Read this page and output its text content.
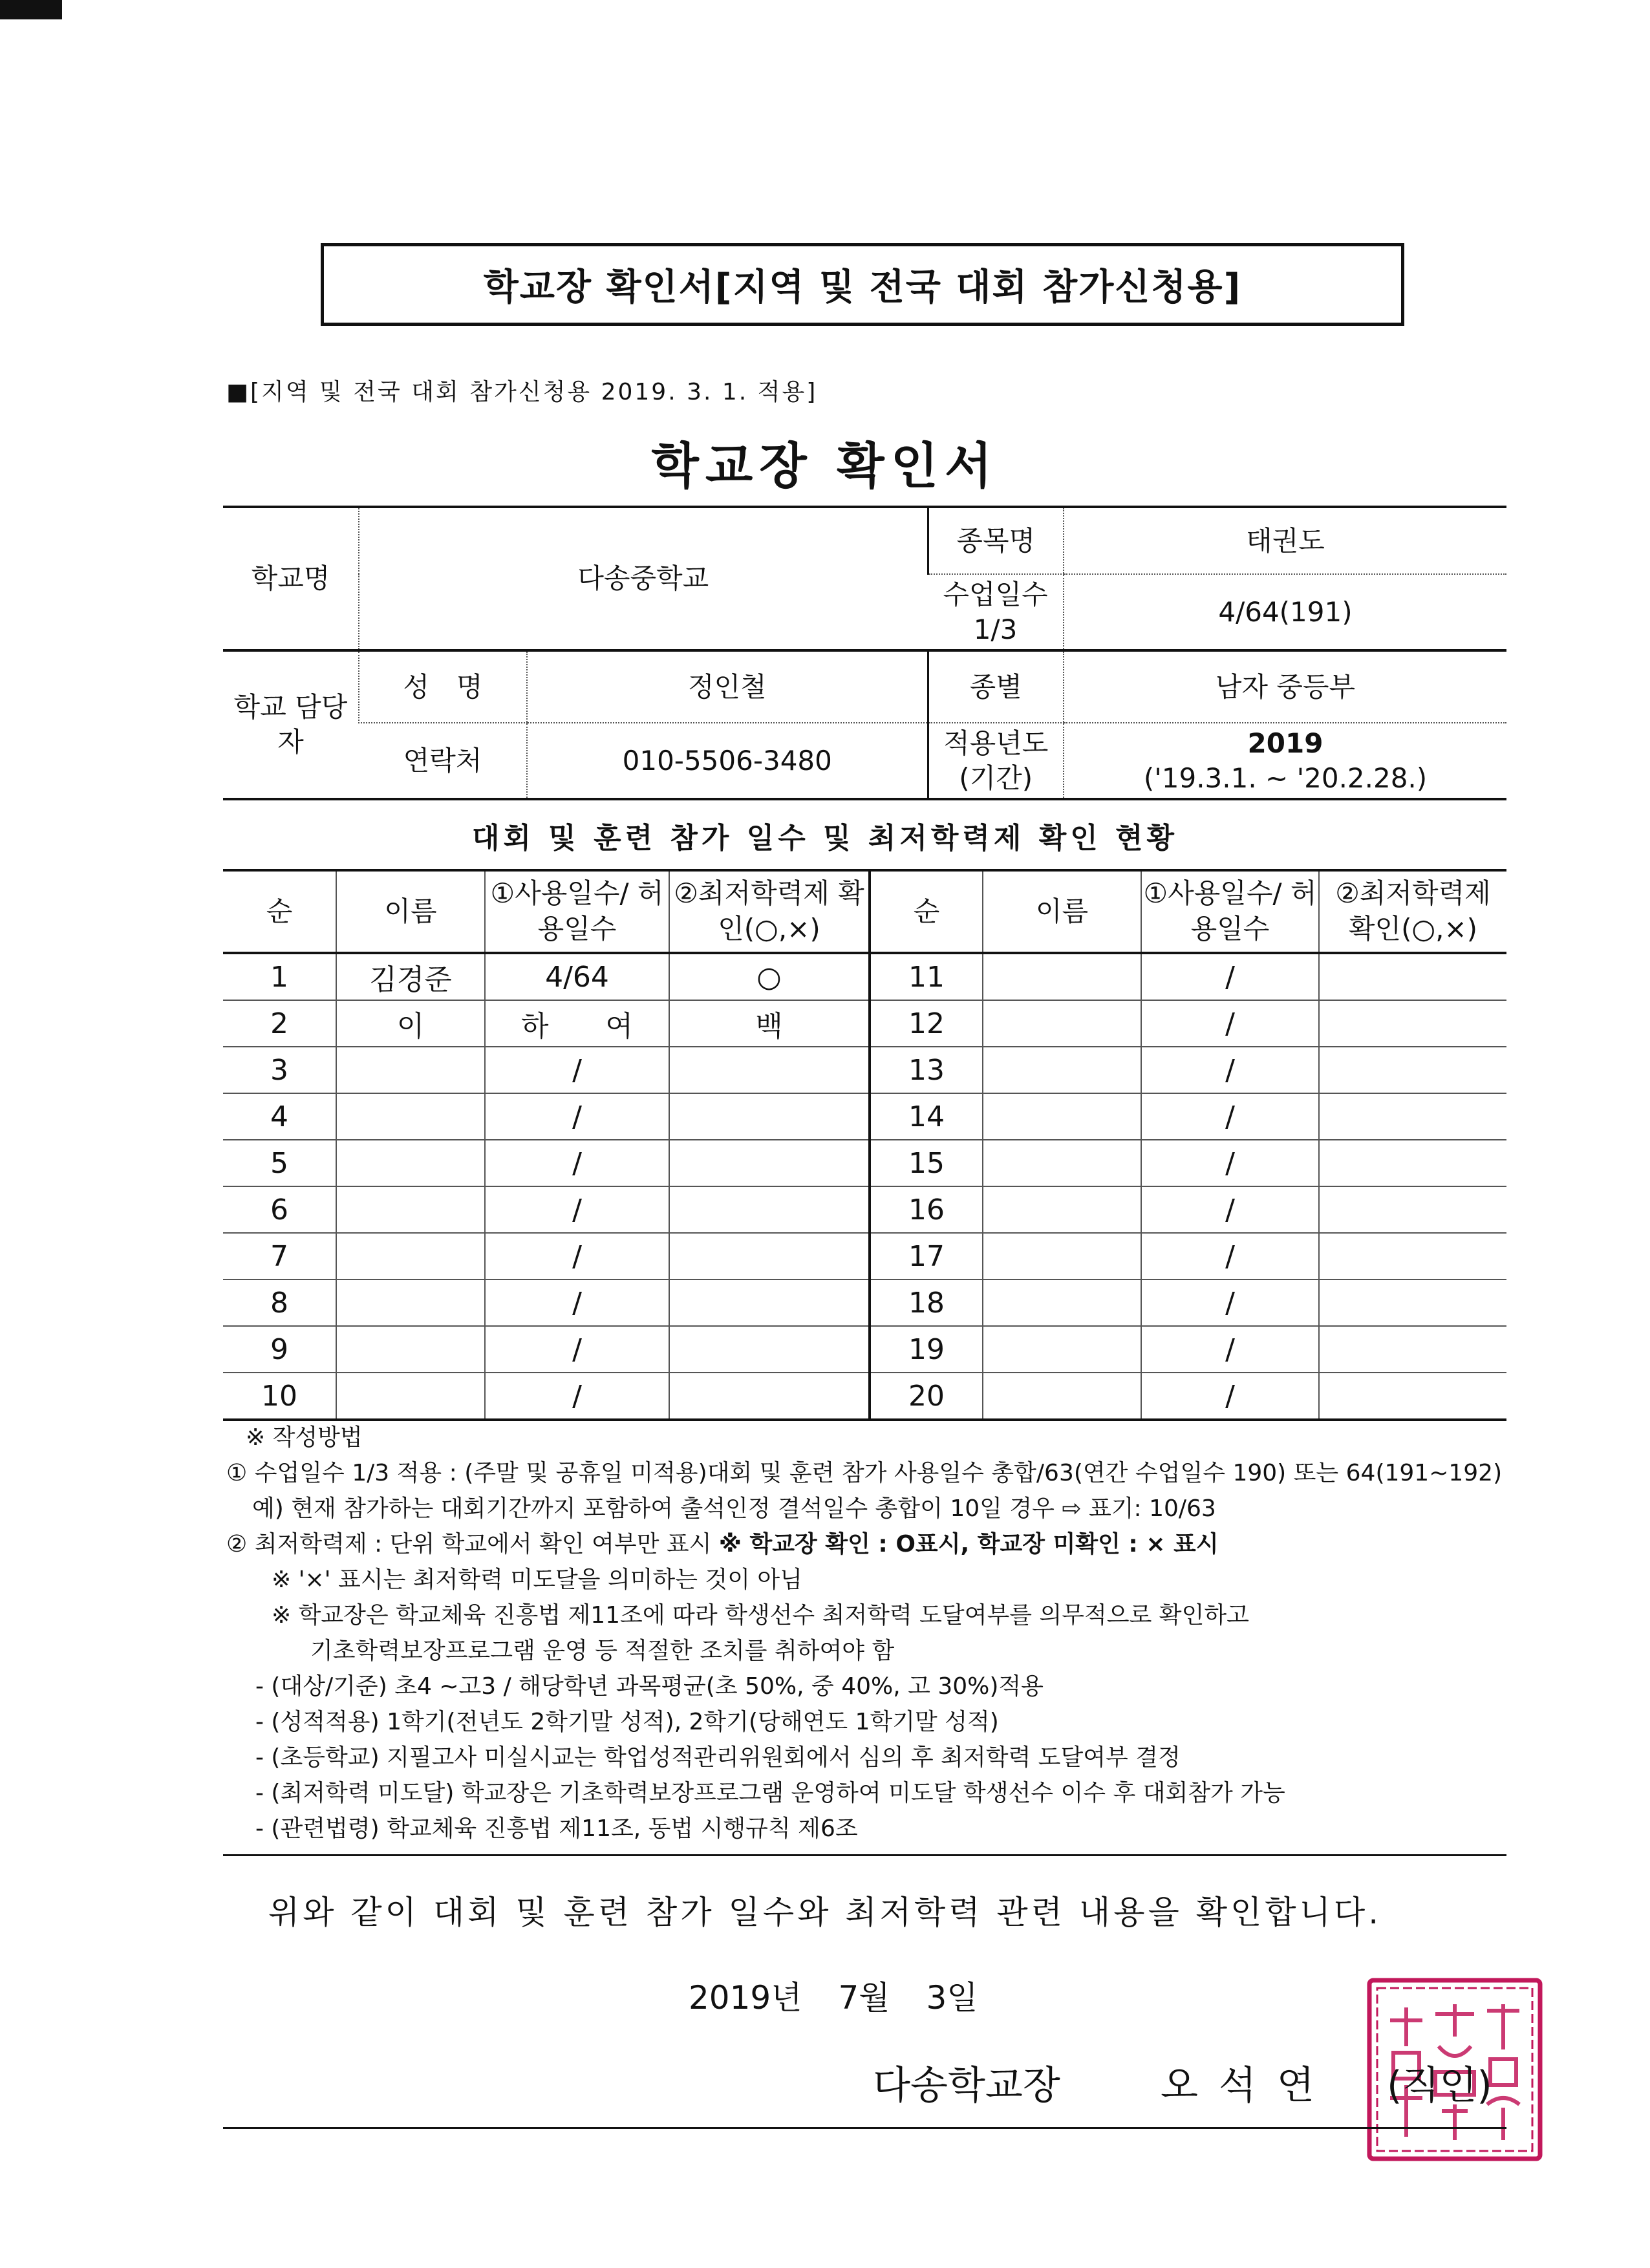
학교장 확인서[지역 및 전국 대회 참가신청용]
■[지역 및 전국 대회 참가신청용 2019. 3. 1. 적용]
학교장 확인서
학교명	다송중학교		종목명	태권도
			수업일수 1/3	4/64(191)
학교 담당자	성　명	정인철	종별	남자 중등부
	연락처	010-5506-3480	적용년도 (기간)	2019
('19.3.1. ~ '20.2.28.)
대회 및 훈련 참가 일수 및 최저학력제 확인 현황
순	이름	①사용일수/ 허용일수	②최저학력제 확인(○,×)	순	이름	①사용일수/ 허용일수	②최저학력제 확인(○,×)
1	김경준	4/64	○	11		/	
2	이	하　　여	백	12		/	
3		/		13		/	
4		/		14		/	
5		/		15		/	
6		/		16		/	
7		/		17		/	
8		/		18		/	
9		/		19		/	
10		/		20		/	
※ 작성방법
① 수업일수 1/3 적용 : (주말 및 공휴일 미적용)대회 및 훈련 참가 사용일수 총합/63(연간 수업일수 190) 또는 64(191~192)
예) 현재 참가하는 대회기간까지 포함하여 출석인정 결석일수 총합이 10일 경우 ⇨ 표기: 10/63
② 최저학력제 : 단위 학교에서 확인 여부만 표시 ※ 학교장 확인 : O표시, 학교장 미확인 : × 표시
※ '×' 표시는 최저학력 미도달을 의미하는 것이 아님
※ 학교장은 학교체육 진흥법 제11조에 따라 학생선수 최저학력 도달여부를 의무적으로 확인하고
기초학력보장프로그램 운영 등 적절한 조치를 취하여야 함
- (대상/기준) 초4 ~고3 / 해당학년 과목평균(초 50%, 중 40%, 고 30%)적용
- (성적적용) 1학기(전년도 2학기말 성적), 2학기(당해연도 1학기말 성적)
- (초등학교) 지필고사 미실시교는 학업성적관리위원회에서 심의 후 최저학력 도달여부 결정
- (최저학력 미도달) 학교장은 기초학력보장프로그램 운영하여 미도달 학생선수 이수 후 대회참가 가능
- (관련법령) 학교체육 진흥법 제11조, 동법 시행규칙 제6조
위와 같이 대회 및 훈련 참가 일수와 최저학력 관련 내용을 확인합니다.
2019년 7월 3일
다송학교장	오석연 (직인)
